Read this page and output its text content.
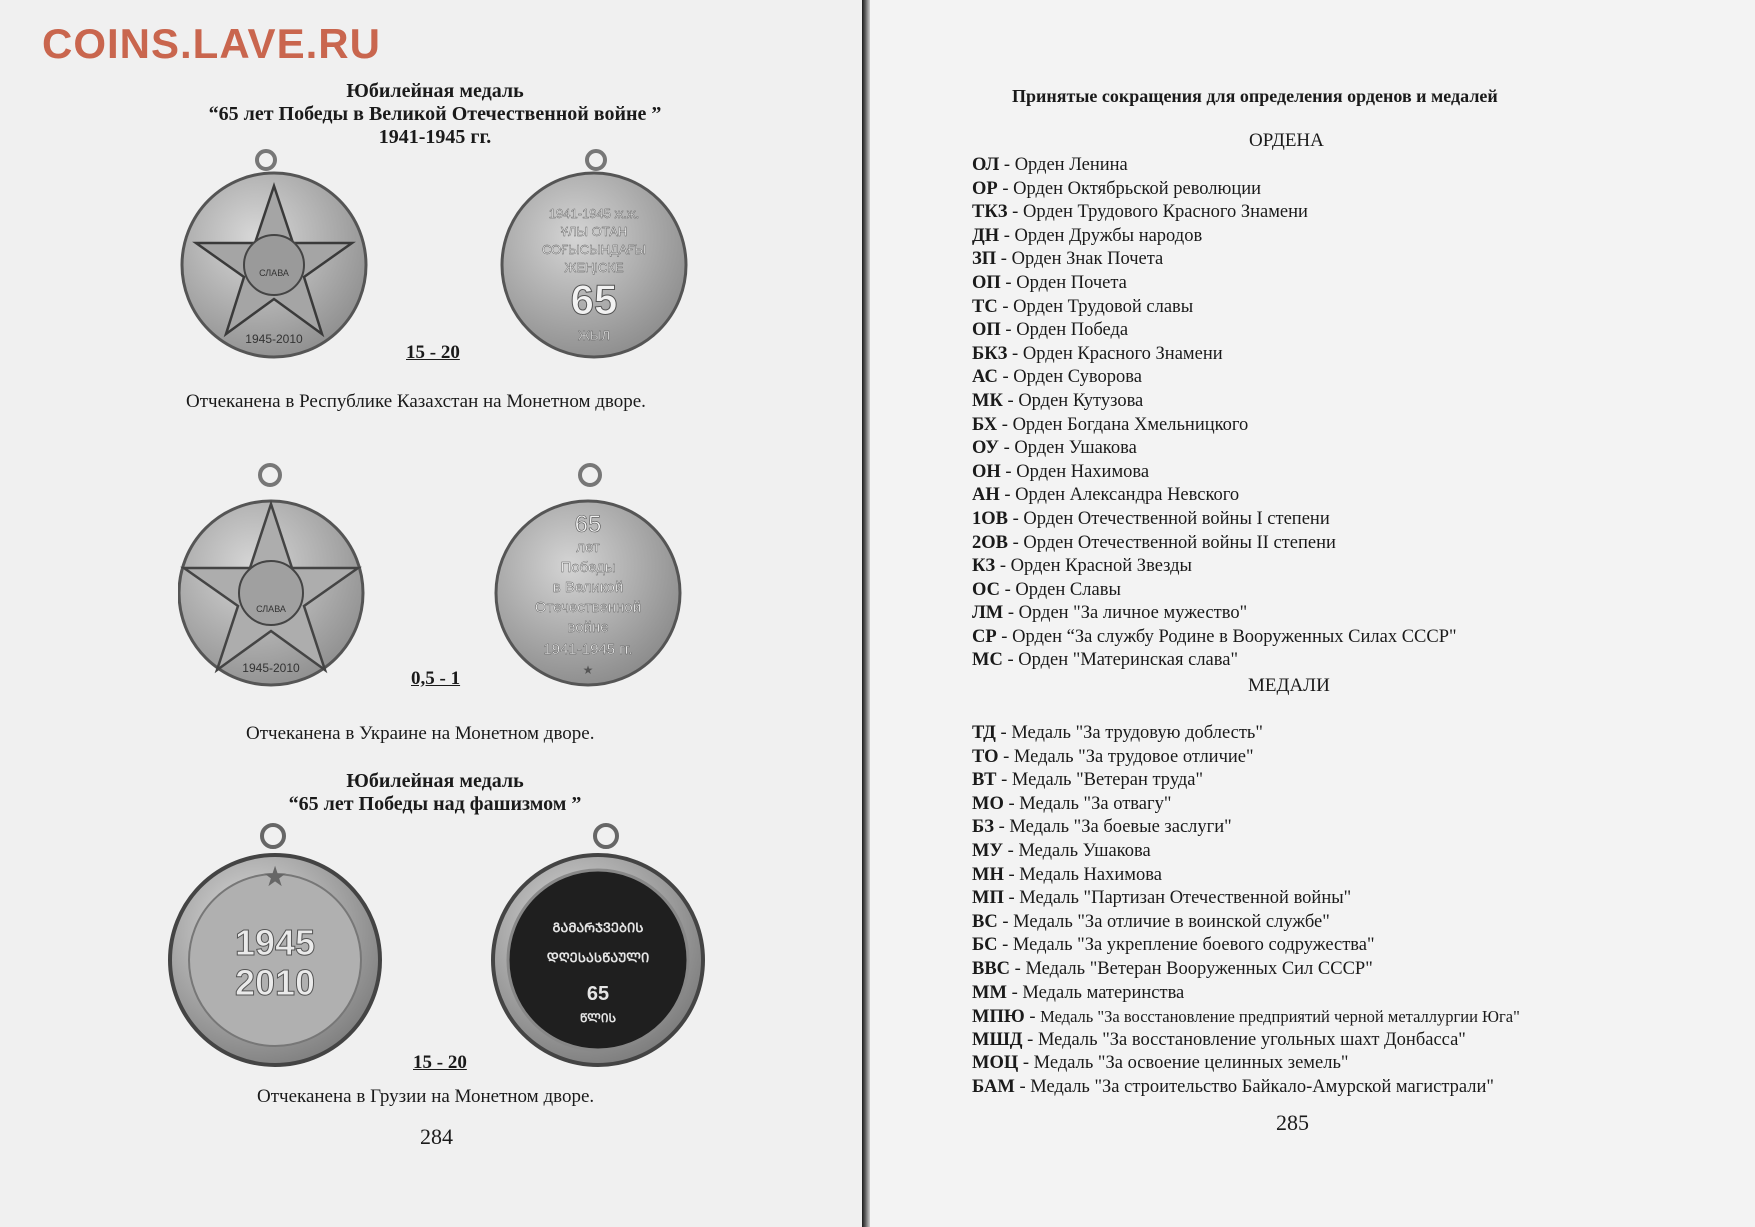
COINS.LAVE.RU
Юбилейная медаль
“65 лет Победы в Великой Отечественной войне ”
1941-1945 гг.
СЛАВА
1945-2010
1941-1945 ж.ж.
ҰЛЫ ОТАН
СОҒЫСЫНДАҒЫ
ЖЕҢІСКЕ
65
ЖЫЛ
15 - 20
Отчеканена в Республике Казахстан на Монетном дворе.
СЛАВА
1945-2010
65
лет
Победы
в Великой
Отечественной
войне
1941-1945 гг.
★
0,5 - 1
Отчеканена в Украине на Монетном дворе.
Юбилейная медаль
“65 лет Победы над фашизмом ”
★
1945
2010
ᲒᲐᲛᲐᲠᲯᲕᲔᲑᲘᲡ
ᲓᲦᲔᲡᲐᲡᲬᲐᲣᲚᲘ
65
ᲬᲚᲘᲡ
15 - 20
Отчеканена в Грузии на Монетном дворе.
284
Принятые сокращения для определения орденов и медалей
ОРДЕНА
ОЛ - Орден Ленина
ОР - Орден Октябрьской революции
ТКЗ - Орден Трудового Красного Знамени
ДН - Орден Дружбы народов
ЗП - Орден Знак Почета
ОП - Орден Почета
ТС - Орден Трудовой славы
ОП - Орден Победа
БКЗ - Орден Красного Знамени
АС - Орден Суворова
МК - Орден Кутузова
БХ - Орден Богдана Хмельницкого
ОУ - Орден Ушакова
ОН - Орден Нахимова
АН - Орден Александра Невского
1ОВ - Орден Отечественной войны I степени
2ОВ - Орден Отечественной войны II степени
КЗ - Орден Красной Звезды
ОС - Орден Славы
ЛМ - Орден "За личное мужество"
СР - Орден “За службу Родине в Вооруженных Силах СССР"
МС - Орден "Материнская слава"
МЕДАЛИ
ТД - Медаль "За трудовую доблесть"
ТО - Медаль "За трудовое отличие"
ВТ - Медаль "Ветеран труда"
МО - Медаль "За отвагу"
БЗ - Медаль "За боевые заслуги"
МУ - Медаль Ушакова
МН - Медаль Нахимова
МП - Медаль "Партизан Отечественной войны"
ВС - Медаль "За отличие в воинской службе"
БС - Медаль "За укрепление боевого содружества"
ВВС - Медаль "Ветеран Вооруженных Сил СССР"
ММ - Медаль материнства
МПЮ - Медаль "За восстановление предприятий черной металлургии Юга"
МШД - Медаль "За восстановление угольных шахт Донбасса"
МОЦ - Медаль "За освоение целинных земель"
БАМ - Медаль "За строительство Байкало-Амурской магистрали"
285
